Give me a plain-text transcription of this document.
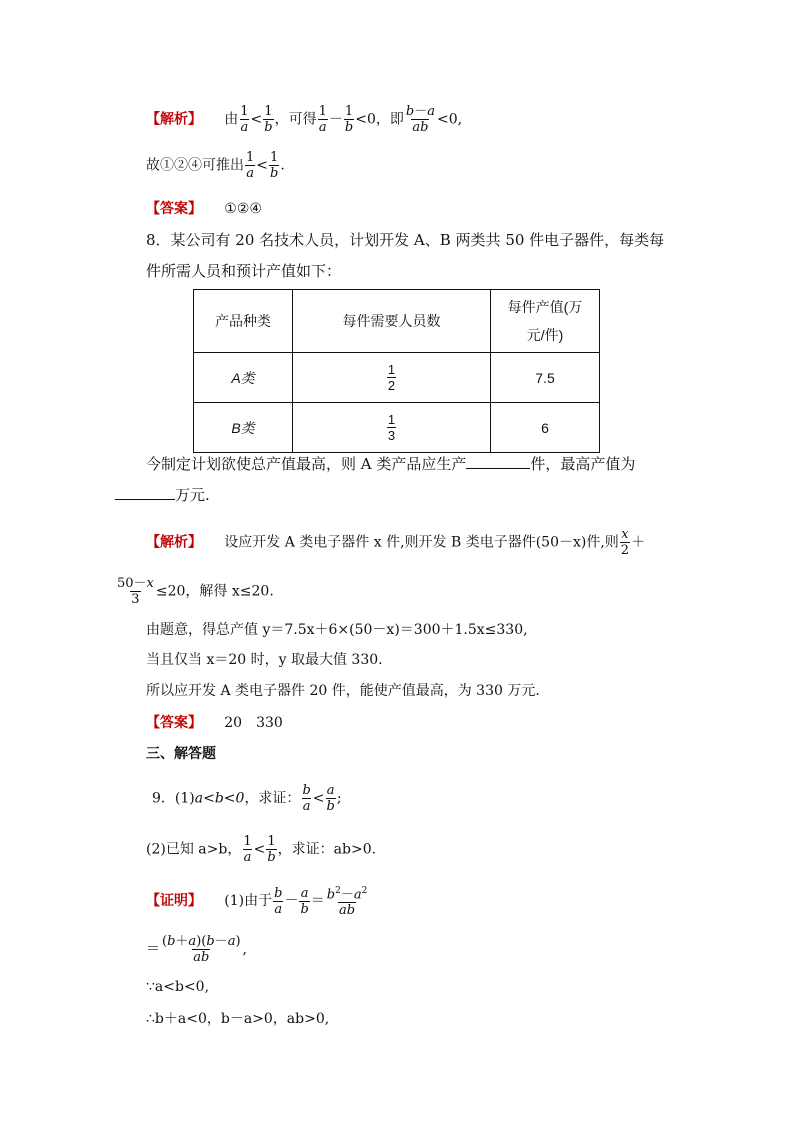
【解析】 由 $\frac{1}{a} < \frac{1}{b}$ ，可得 $\frac{1}{a} - \frac{1}{b} <0$，即 $\frac{b-a}{ab} <0$,
故①②④可推出 $\frac{1}{a} < \frac{1}{b}$ .
【答案】 ①②④
8．某公司有 20 名技术人员，计划开发 A、B 两类共 50 件电子器件，每类每
件所需人员和预计产值如下：
产品种类	每件需要人员数	每件产值(万
元/件)
A类	$\frac{1}{2}$	7.5
B类	$\frac{1}{3}$	6
今制定计划欲使总产值最高，则 A 类产品应生产	件，最高产值为
万元.
【解析】 设应开发 A 类电子器件 x 件,则开发 B 类电子器件(50－x)件,则 $\frac{x}{2}$ ＋
$\frac{50-x}{3} \le 20$，解得 x≤20.
由题意，得总产值 y＝7.5x＋6×(50－x)＝300＋1.5x≤330,
当且仅当 x＝20 时，y 取最大值 330.
所以应开发 A 类电子器件 20 件，能使产值最高，为 330 万元.
【答案】 20　330
三、解答题
9．(1)a<b<0，求证： $\frac{b}{a} < \frac{a}{b}$ ;
(2)已知 a>b， $\frac{1}{a} < \frac{1}{b}$ ，求证：ab>0.
【证明】 (1)由于 $\frac{b}{a} - \frac{a}{b} = \frac{b^2-a^2}{ab}$
＝ $\frac{(b+a)(b-a)}{ab}$ ,
∵a<b<0,
∴b＋a<0，b－a>0，ab>0,
